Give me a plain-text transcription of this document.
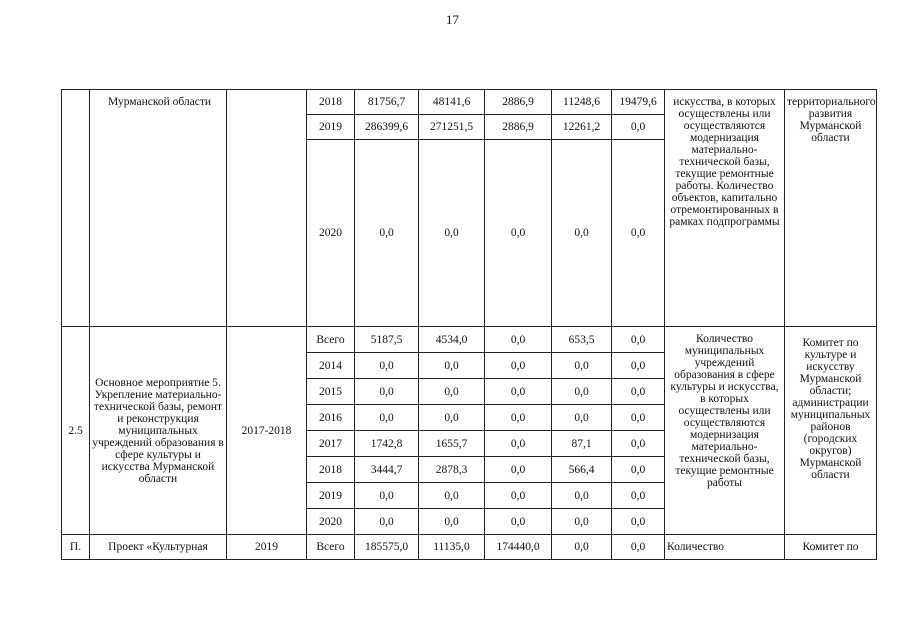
17
	Мурманской области		2018	81756,7	48141,6	2886,9	11248,6	19479,6	искусства, в которых осуществлены или осуществляются модернизация материально-технической базы, текущие ремонтные работы. Количество объектов, капитально отремонтированных в рамках подпрограммы	территориального развития Мурманской области
			2019	286399,6	271251,5	2886,9	12261,2	0,0		
			2020	0,0	0,0	0,0	0,0	0,0		
2.5	Основное мероприятие 5. Укрепление материально-технической базы, ремонт и реконструкция муниципальных учреждений образования в сфере культуры и искусства Мурманской области	2017-2018	Всего	5187,5	4534,0	0,0	653,5	0,0	Количество муниципальных учреждений образования в сфере культуры и искусства, в которых осуществлены или осуществляются модернизация материально-технической базы, текущие ремонтные работы	Комитет по культуре и искусству Мурманской области; администрации муниципальных районов (городских округов) Мурманской области
			2014	0,0	0,0	0,0	0,0	0,0		
			2015	0,0	0,0	0,0	0,0	0,0		
			2016	0,0	0,0	0,0	0,0	0,0		
			2017	1742,8	1655,7	0,0	87,1	0,0		
			2018	3444,7	2878,3	0,0	566,4	0,0		
			2019	0,0	0,0	0,0	0,0	0,0		
			2020	0,0	0,0	0,0	0,0	0,0		
П.	Проект «Культурная	2019	Всего	185575,0	11135,0	174440,0	0,0	0,0	Количество	Комитет по
